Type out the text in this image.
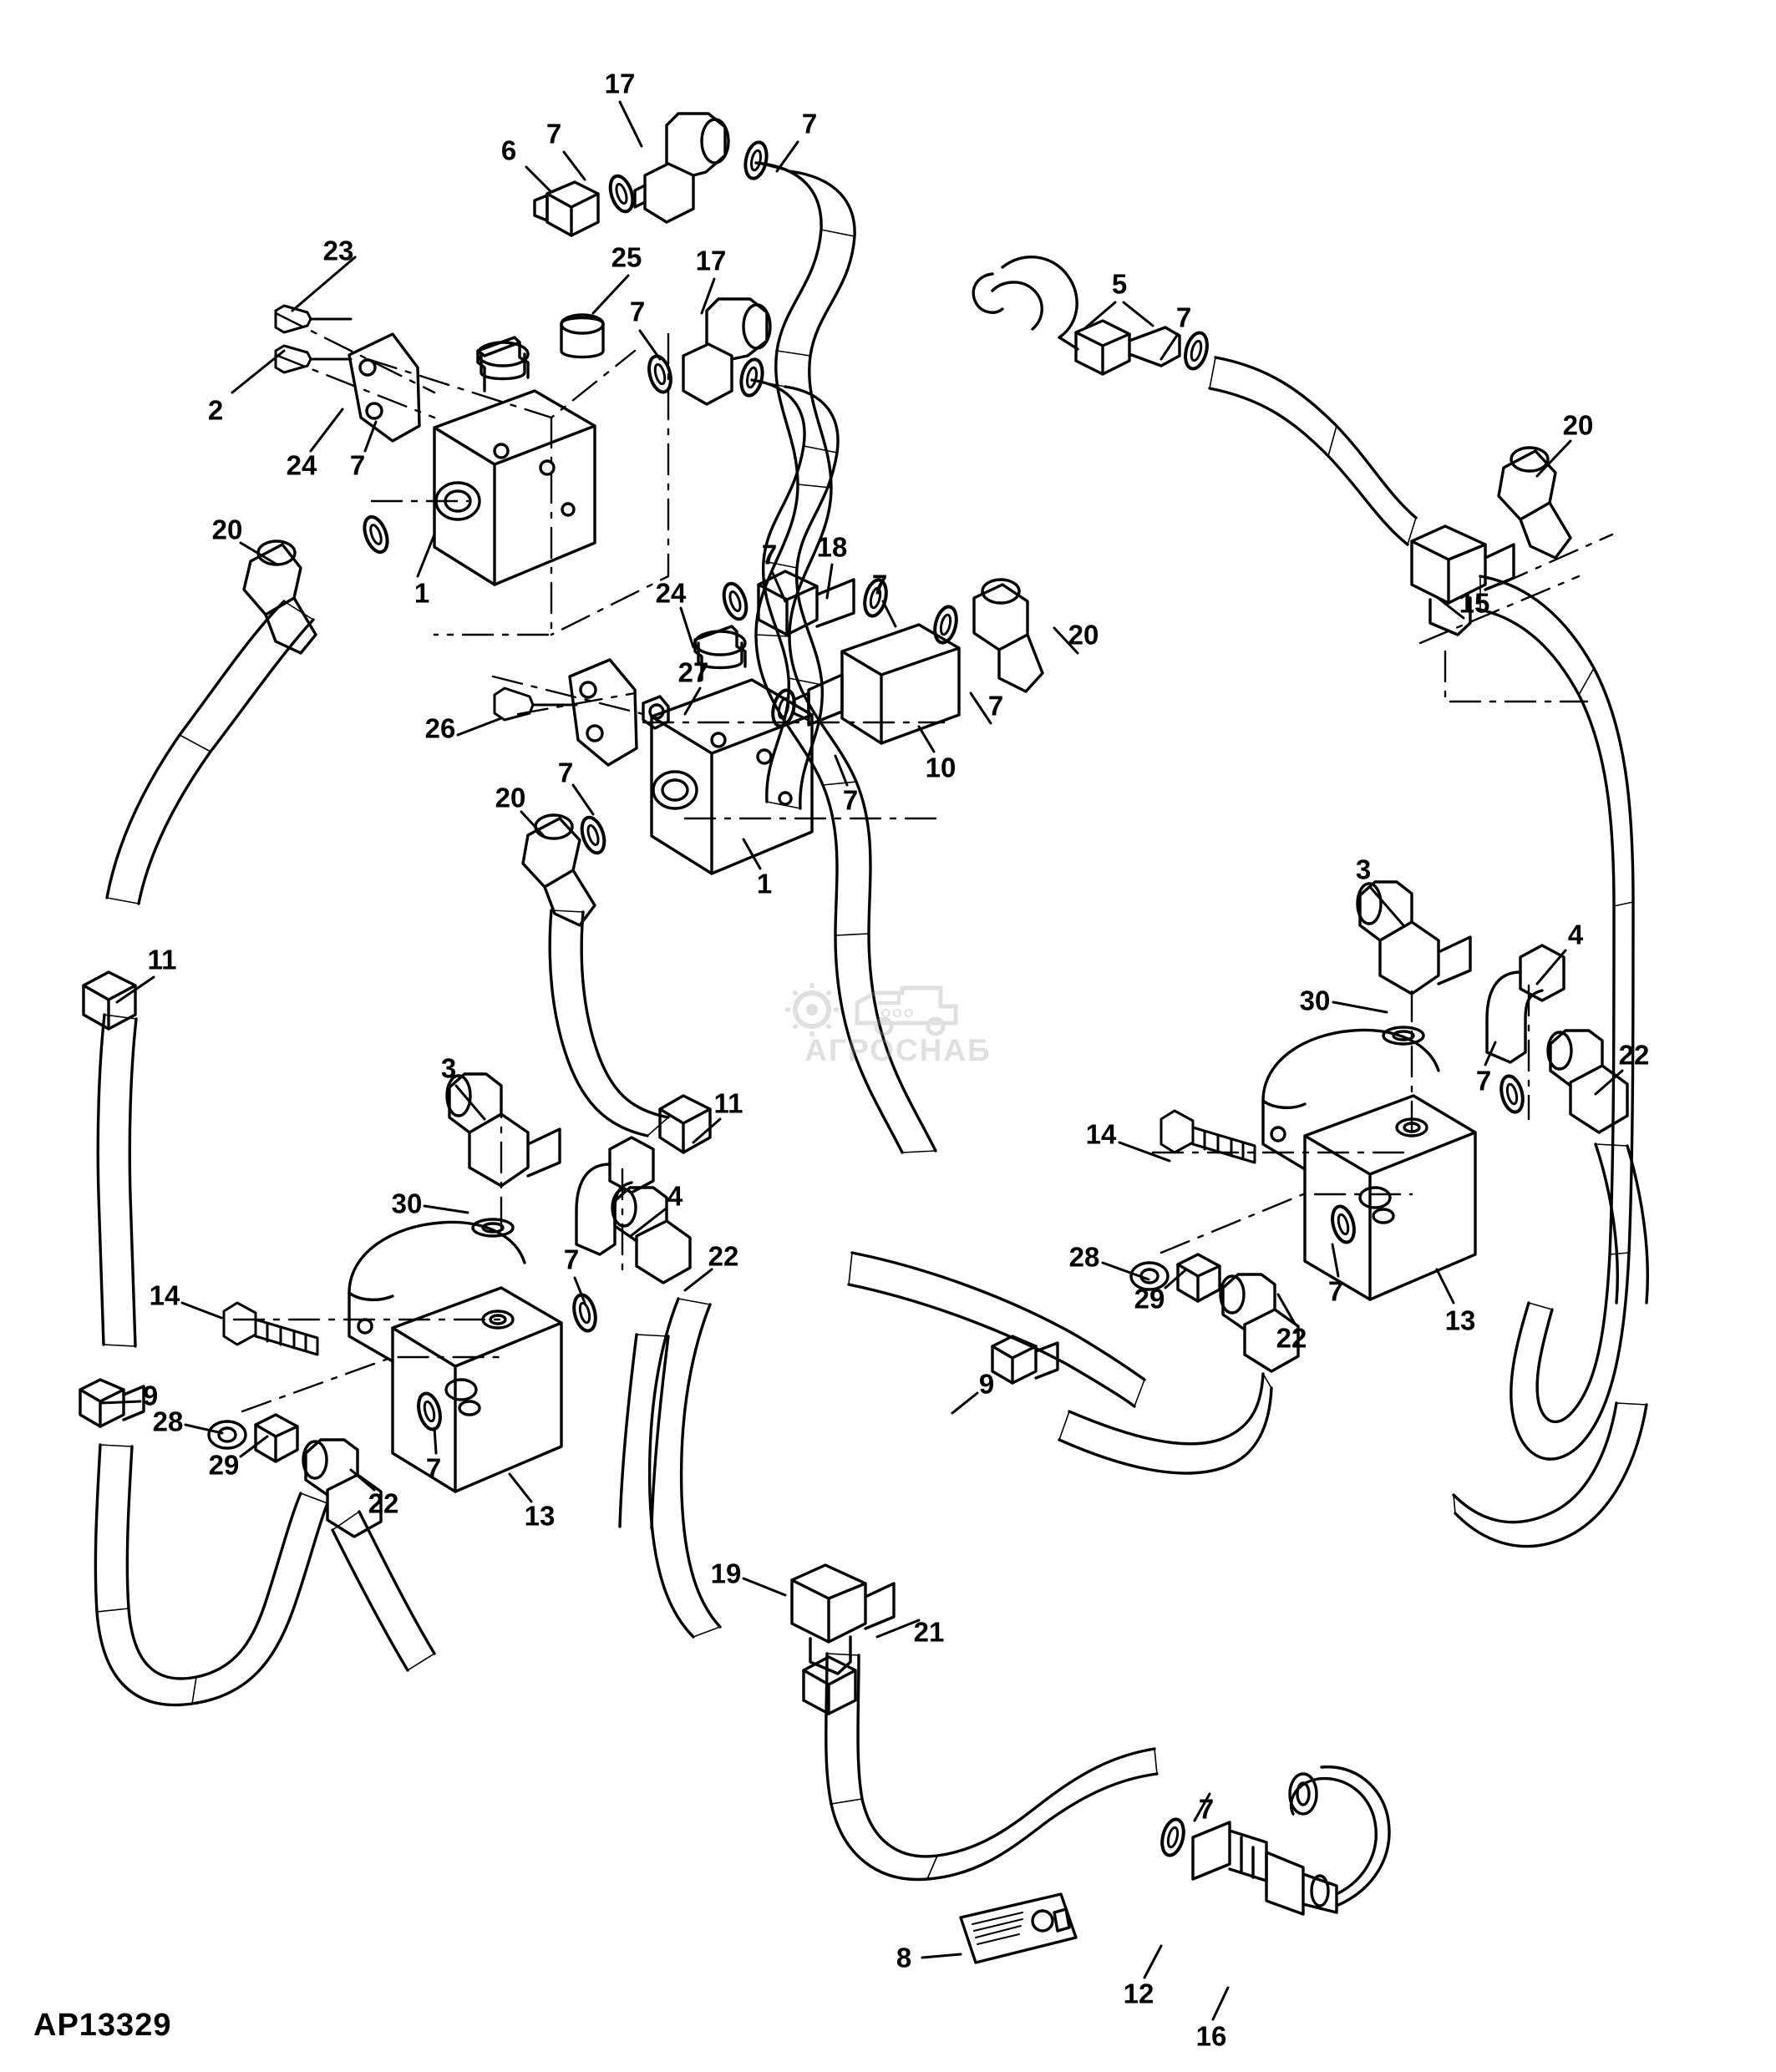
ООО
АГРОСНАБ
AP13329
17
7	7
6
23	25 17
5
7
7
2
24 7
20
20
1
7 18
7
15
24
20
27
7
26
10
7
7
20
1	3
4
30
7
22
11
14
3
11
4
30
22
7	28
29	7
13
22
14
9	9
28
29
22
7
13
19
21
7
8
12
16
